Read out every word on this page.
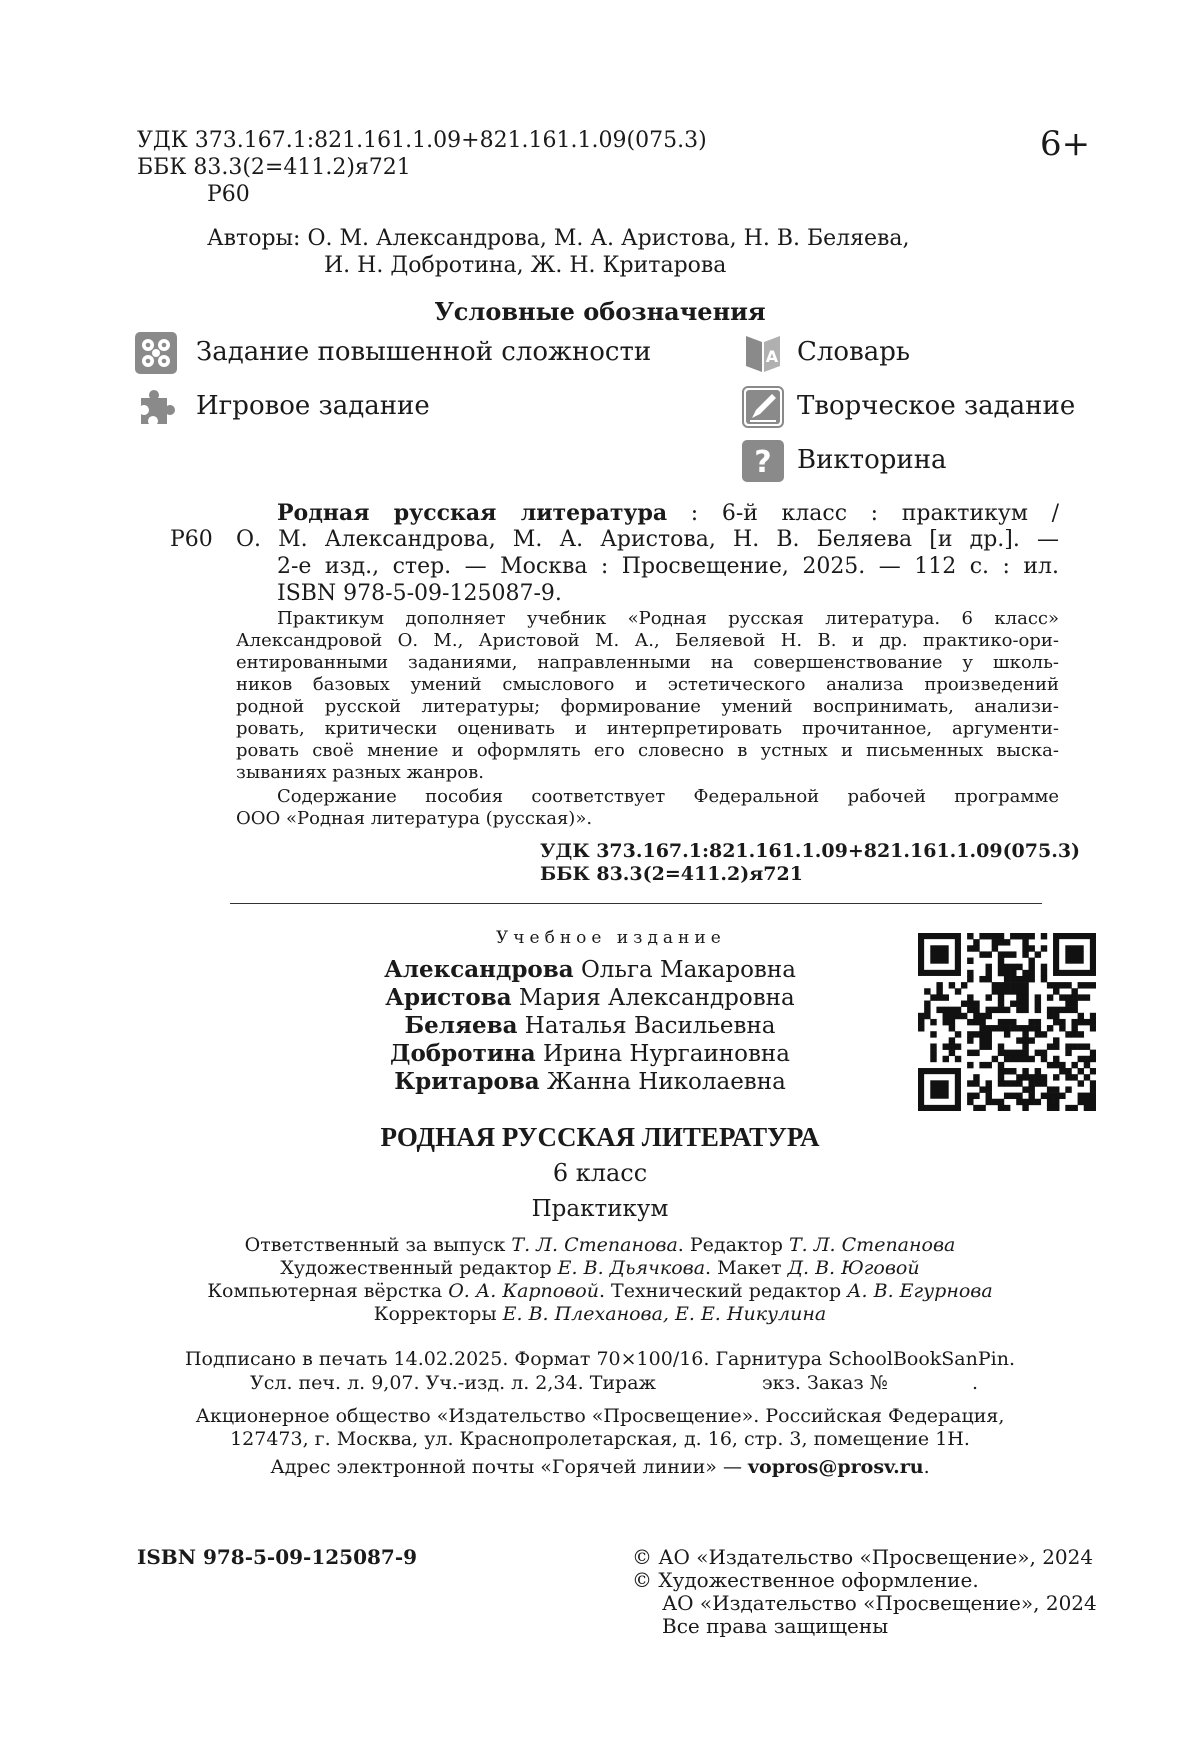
УДК 373.167.1:821.161.1.09+821.161.1.09(075.3)
ББК 83.3(2=411.2)я721
Р60
6+
Авторы: О. М. Александрова, М. А. Аристова, Н. В. Беляева,
И. Н. Добротина, Ж. Н. Критарова
Условные обозначения
Задание повышенной сложности
Игровое задание
A Словарь
Творческое задание
? Викторина
Родная русская литература : 6-й класс : практикум /
Р60 О. М. Александрова, М. А. Аристова, Н. В. Беляева [и др.]. —
2-е изд., стер. — Москва : Просвещение, 2025. — 112 с. : ил.
ISBN 978-5-09-125087-9.
Практикум дополняет учебник «Родная русская литература. 6 класс»
Александровой О. М., Аристовой М. А., Беляевой Н. В. и др. практико-ори-
ентированными заданиями, направленными на совершенствование у школь-
ников базовых умений смыслового и эстетического анализа произведений
родной русской литературы; формирование умений воспринимать, анализи-
ровать, критически оценивать и интерпретировать прочитанное, аргументи-
ровать своё мнение и оформлять его словесно в устных и письменных выска-
зываниях разных жанров.
Содержание пособия соответствует Федеральной рабочей программе
ООО «Родная литература (русская)».
УДК 373.167.1:821.161.1.09+821.161.1.09(075.3)
ББК 83.3(2=411.2)я721
Учебное издание
Александрова Ольга Макаровна
Аристова Мария Александровна
Беляева Наталья Васильевна
Добротина Ирина Нургаиновна
Критарова Жанна Николаевна
РОДНАЯ РУССКАЯ ЛИТЕРАТУРА
6 класс
Практикум
Ответственный за выпуск Т. Л. Степанова. Редактор Т. Л. Степанова
Художественный редактор Е. В. Дьячкова. Макет Д. В. Юговой
Компьютерная вёрстка О. А. Карповой. Технический редактор А. В. Егурнова
Корректоры Е. В. Плеханова, Е. Е. Никулина
Подписано в печать 14.02.2025. Формат 70×100/16. Гарнитура SchoolBookSanPin.
Усл. печ. л. 9,07. Уч.-изд. л. 2,34. Тираж	экз. Заказ №	.
Акционерное общество «Издательство «Просвещение». Российская Федерация,
127473, г. Москва, ул. Краснопролетарская, д. 16, стр. 3, помещение 1Н.
Адрес электронной почты «Горячей линии» — vopros@prosv.ru.
ISBN 978-5-09-125087-9	© АО «Издательство «Просвещение», 2024
© Художественное оформление.
АО «Издательство «Просвещение», 2024
Все права защищены
